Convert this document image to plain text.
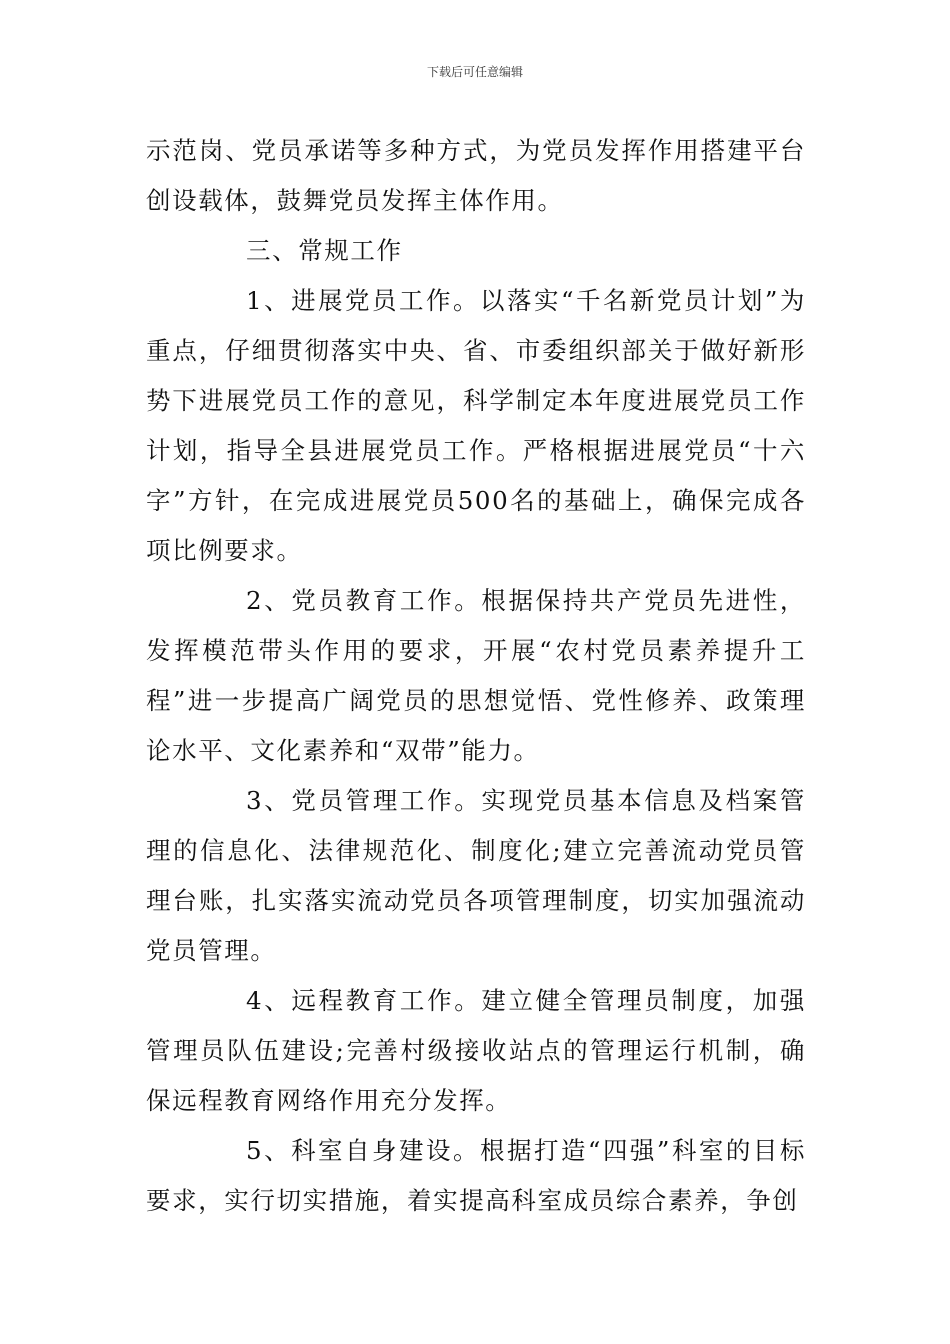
下载后可任意编辑

示范岗、党员承诺等多种方式，为党员发挥作用搭建平台创设载体，鼓舞党员发挥主体作用。

三、常规工作

1、进展党员工作。以落实“千名新党员计划”为重点，仔细贯彻落实中央、省、市委组织部关于做好新形势下进展党员工作的意见，科学制定本年度进展党员工作计划，指导全县进展党员工作。严格根据进展党员“十六字”方针，在完成进展党员500名的基础上，确保完成各项比例要求。

2、党员教育工作。根据保持共产党员先进性，发挥模范带头作用的要求，开展“农村党员素养提升工程”进一步提高广阔党员的思想觉悟、党性修养、政策理论水平、文化素养和“双带”能力。

3、党员管理工作。实现党员基本信息及档案管理的信息化、法律规范化、制度化;建立完善流动党员管理台账，扎实落实流动党员各项管理制度，切实加强流动党员管理。

4、远程教育工作。建立健全管理员制度，加强管理员队伍建设;完善村级接收站点的管理运行机制，确保远程教育网络作用充分发挥。

5、科室自身建设。根据打造“四强”科室的目标要求，实行切实措施，着实提高科室成员综合素养，争创
